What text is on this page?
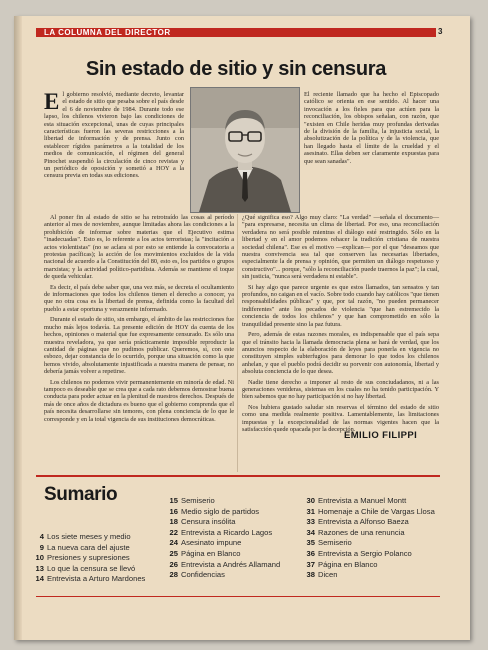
LA COLUMNA DEL DIRECTOR	3
Sin estado de sitio y sin censura

El gobierno resolvió, mediante decreto, levantar el estado de sitio que pesaba sobre el país desde el 6 de noviembre de 1984. Durante todo ese lapso, los chilenos vivieron bajo las condiciones de esta situación excepcional, unas de cuyas principales características fueron las severas restricciones a la libertad de información y de prensa. Junto con establecer rígidos parámetros a la totalidad de los medios de comunicación, el régimen del general Pinochet suspendió la circulación de cinco revistas y un periódico de oposición y sometió a HOY a la censura previa en todas sus ediciones.

El reciente llamado que ha hecho el Episcopado católico se orienta en ese sentido. Al hacer una invocación a los fieles para que actúen para la reconciliación, los obispos señalan, con razón, que "existen en Chile heridas muy profundas derivadas de la división de la familia, la injusticia social, la absolutización de la política y de la violencia, que han llegado hasta el límite de la crueldad y el asesinato. Ellas deben ser claramente expuestas para que sean sanadas".

Al poner fin al estado de sitio se ha retrotraído las cosas al período anterior al mes de noviembre, aunque limitadas ahora las condiciones a la prohibición de informar sobre materias que el Ejecutivo estima "inadecuadas". Esto es, lo referente a los actos terroristas; la "incitación a actos violentistas" (no se aclara si por esto se entiende la convocatoria a protestas pacíficas); la acción de los movimientos excluidos de la vida nacional de acuerdo a la Constitución del 80, esto es, los partidos o grupos marxistas; y la actividad político-partidista. Además se mantiene el toque de queda vehicular.

Es decir, el país debe saber que, una vez más, se decreta el ocultamiento de informaciones que todos los chilenos tienen el derecho a conocer, ya que no otra cosa es la libertad de prensa, definida como la facultad del pueblo a estar oportuna y verazmente informado.

Durante el estado de sitio, sin embargo, el ámbito de las restricciones fue mucho más lejos todavía. La presente edición de HOY da cuenta de los hechos, opiniones o material que fue expresamente censurado. Es sólo una muestra reveladora, ya que sería prácticamente imposible reproducir la cantidad de páginas que no pudimos publicar. Queremos, sí, con este esbozo, dejar constancia de lo ocurrido, porque una situación como la que hemos vivido, absolutamente injustificada a nuestra manera de pensar, no debería jamás volver a repetirse.

Los chilenos no podemos vivir permanentemente en minoría de edad. Ni tampoco es deseable que se crea que a cada rato debemos demostrar buena conducta para poder actuar en la plenitud de nuestros derechos. Después de más de once años de dictadura es bueno que el gobierno comprenda que el país necesita desarrollarse sin temores, con plena conciencia de lo que le corresponde y en la total vigencia de sus instituciones democráticas.

¿Qué significa eso? Algo muy claro: "La verdad" —señala el documento— "para expresarse, necesita un clima de libertad. Por eso, una reconciliación verdadera no será posible mientras el diálogo esté restringido. Sólo en la libertad y en el amor podemos rehacer la tradición cristiana de nuestra sociedad chilena". Ese es el motivo —explican— por el que "deseamos que nuestra convivencia sea tal que conserven las necesarias libertades, especialmente la de prensa y opinión, que permiten un diálogo respetuoso y constructivo"... porque, "sólo la reconciliación puede traernos la paz"; la cual, sin justicia, "nunca será verdadera ni estable".

Si hay algo que parece urgente es que estos llamados, tan sensatos y tan profundos, no caigan en el vacío. Sobre todo cuando hay católicos "que tienen responsabilidades públicas" y que, por tal razón, "no pueden permanecer indiferentes" ante los pecados de violencia "que han estremecido la conciencia de todos los chilenos" y que han comprometido en sólo la tranquilidad presente sino la paz futura.

Pero, además de estas razones morales, es indispensable que el país sepa que el tránsito hacia la llamada democracia plena se hará de verdad, que los anuncios respecto de la elaboración de leyes para ponerla en vigencia no constituyen simples subterfugios para demorar lo que todos los chilenos anhelan, y que el pueblo podrá decidir su porvenir con autonomía, libertad y absoluta conciencia de lo que desea.

Nadie tiene derecho a imponer al resto de sus conciudadanos, ni a las generaciones venideras, sistemas en los cuales no ha tenido participación. Y bien sabemos que no hay participación si no hay libertad.

Nos hubiera gustado saludar sin reservas el término del estado de sitio como una medida realmente positiva. Lamentablemente, las limitaciones impuestas y la excepcionalidad de las normas vigentes hacen que la satisfacción quede opacada por la decepción.

EMILIO FILIPPI
Sumario
4 Los siete meses y medio
9 La nueva cara del ajuste
10 Presiones y supresiones
13 Lo que la censura se llevó
14 Entrevista a Arturo Mardones
15 Semiserio
16 Medio siglo de partidos
18 Censura insólita
22 Entrevista a Ricardo Lagos
24 Asesinato impune
25 Página en Blanco
26 Entrevista a Andrés Allamand
28 Confidencias
30 Entrevista a Manuel Montt
31 Homenaje a Chile de Vargas Llosa
33 Entrevista a Alfonso Baeza
34 Razones de una renuncia
35 Semiserio
36 Entrevista a Sergio Polanco
37 Página en Blanco
38 Dicen
